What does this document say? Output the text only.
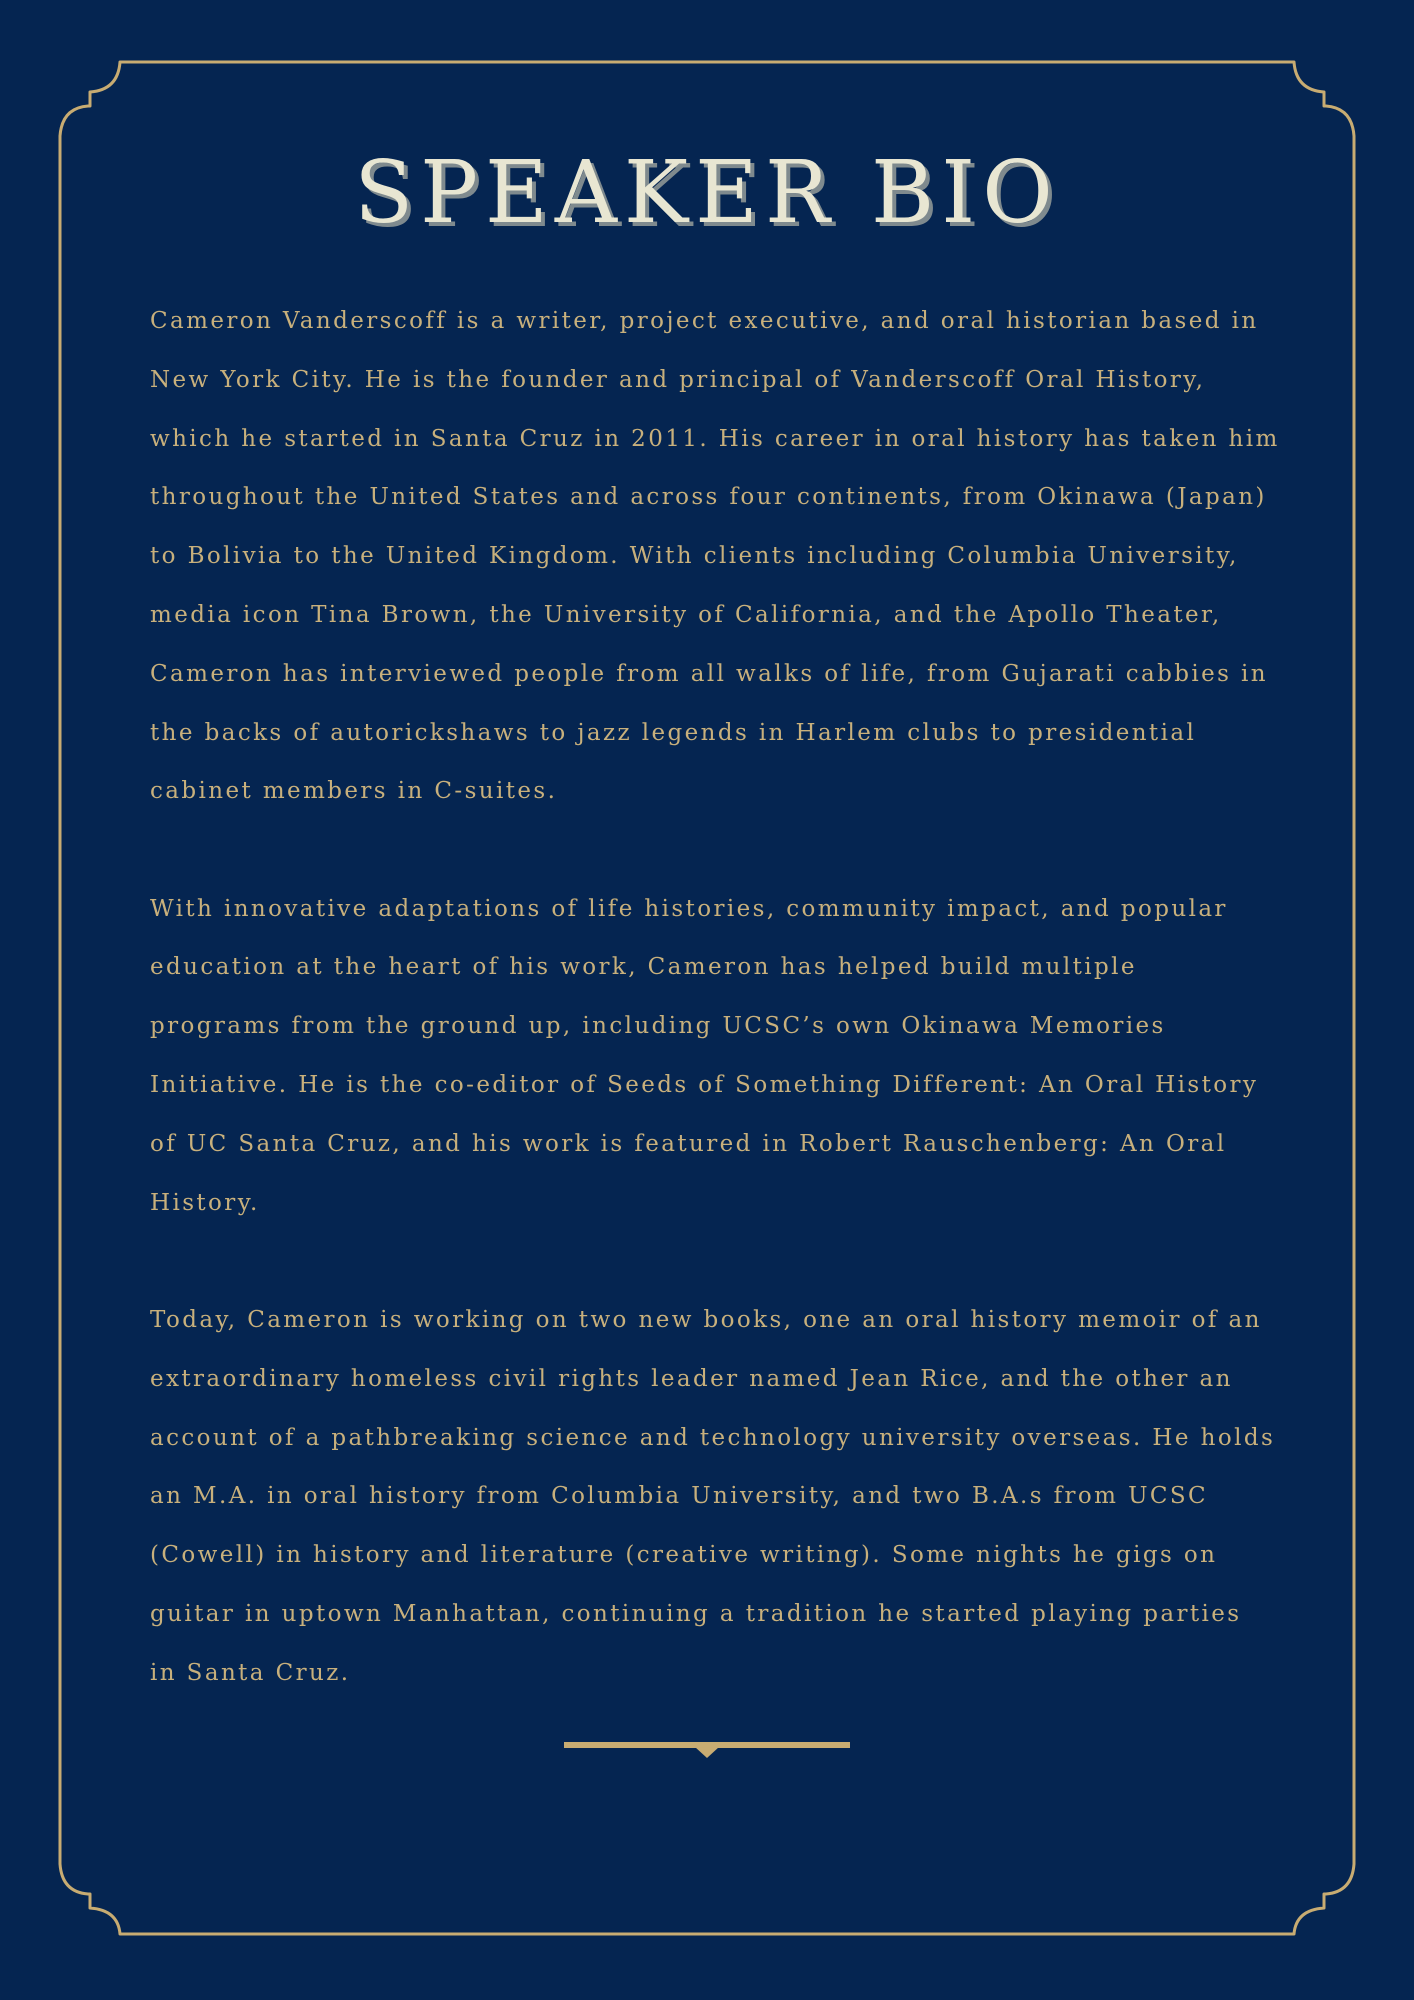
SPEAKER BIO

Cameron Vanderscoff is a writer, project executive, and oral historian based in
New York City. He is the founder and principal of Vanderscoff Oral History,
which he started in Santa Cruz in 2011. His career in oral history has taken him
throughout the United States and across four continents, from Okinawa (Japan)
to Bolivia to the United Kingdom. With clients including Columbia University,
media icon Tina Brown, the University of California, and the Apollo Theater,
Cameron has interviewed people from all walks of life, from Gujarati cabbies in
the backs of autorickshaws to jazz legends in Harlem clubs to presidential
cabinet members in C-suites.

With innovative adaptations of life histories, community impact, and popular
education at the heart of his work, Cameron has helped build multiple
programs from the ground up, including UCSC’s own Okinawa Memories
Initiative. He is the co-editor of Seeds of Something Different: An Oral History
of UC Santa Cruz, and his work is featured in Robert Rauschenberg: An Oral
History.

Today, Cameron is working on two new books, one an oral history memoir of an
extraordinary homeless civil rights leader named Jean Rice, and the other an
account of a pathbreaking science and technology university overseas. He holds
an M.A. in oral history from Columbia University, and two B.A.s from UCSC
(Cowell) in history and literature (creative writing). Some nights he gigs on
guitar in uptown Manhattan, continuing a tradition he started playing parties
in Santa Cruz.
